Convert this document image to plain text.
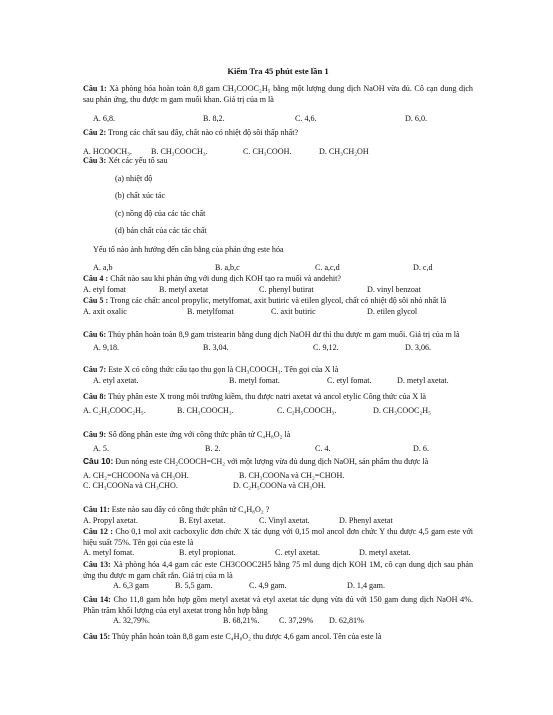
Kiểm Tra 45 phút este lần 1

Câu 1: Xà phòng hóa hoàn toàn 8,8 gam CH₃COOC₂H₅ bằng một lượng dung dịch NaOH vừa đủ. Cô cạn dung dịch sau phản ứng, thu được m gam muối khan. Giá trị của m là

A. 6,8.	B. 8,2.	C. 4,6.	D. 6,0.

Câu 2: Trong các chất sau đây, chất nào có nhiệt độ sôi thấp nhất?

A. HCOOCH₃. B. CH₃COOCH₃.	C. CH₃COOH.	D. CH₃CH₂OH

Câu 3: Xét các yếu tố sau

(a) nhiệt độ

(b) chất xúc tác

(c) nồng độ của các tác chất

(d) bản chất của các tác chất

Yếu tố nào ảnh hưởng đến cân bằng của phản ứng este hóa

A. a,b	B. a,b,c	C. a,c,d	D. c,d

Câu 4 : Chất nào sau khi phản ứng với dung dịch KOH tạo ra muối và andehit?

A. etyl fomat	B. metyl axetat	C. phenyl butirat	D. vinyl benzoat

Câu 5 : Trong các chất: ancol propylic, metylfomat, axit butiric và etilen glycol, chất có nhiệt độ sôi nhỏ nhất là

A. axit oxalic	B. metylfomat	C. axit butiric	D. etilen glycol

Câu 6: Thủy phân hoàn toàn 8,9 gam tristearin bằng dung dịch NaOH dư thì thu được m gam muối. Giá trị của m là

A. 9,18.	B. 3,04.	C. 9,12.	D. 3,06.

Câu 7: Este X có công thức cấu tạo thu gọn là CH₃COOCH₃. Tên gọi của X là

A. etyl axetat.	B. metyl fomat.	C. etyl fomat.	D. metyl axetat.

Câu 8: Thủy phân este X trong môi trường kiềm, thu được natri axetat và ancol etylic Công thức của X là

A. C₂H₃COOC₂H₅.	B. CH₃COOCH₃.	C. C₂H₅COOCH₃.	D. CH₃COOC₂H₅

Câu 9: Số đồng phân este ứng với công thức phân tử C₄H₈O₂ là

A. 5.	B. 2.	C. 4.	D. 6.

Câu 10: Đun nóng este CH₂COOCH=CH₂ với một lượng vừa đủ dung dịch NaOH, sản phẩm thu được là

A. CH₂=CHCOONa và CH₃OH.	B. CH₃COONa và CH₂=CHOH.
C. CH₃COONa và CH₃CHO.	D. C₂H₅COONa và CH₃OH.

Câu 11: Este nào sau đây có công thức phân tử C₄H₈O₂ ?

A. Propyl axetat.	B. Etyl axetat.	C. Vinyl axetat.	D. Phenyl axetat

Câu 12 : Cho 0,1 mol axit cacboxylic đơn chức X tác dụng với 0,15 mol ancol đơn chức Y thu được 4,5 gam este với hiệu suất 75%. Tên gọi của este là

A. metyl fomat.	B. etyl propionat.	C. etyl axetat.	D. metyl axetat.

Câu 13: Xà phòng hóa 4,4 gam các este CH3COOC2H5 bằng 75 ml dung dịch KOH 1M, cô cạn dung dịch sau phản ứng thu được m gam chất rắn. Giá trị của m là

A. 6,3 gam	B. 5,5 gam.	C. 4,9 gam.	D. 1,4 gam.

Câu 14: Cho 11,8 gam hỗn hợp gồm metyl axetat và etyl axetat tác dụng vừa đủ với 150 gam dung dịch NaOH 4%. Phần trăm khối lượng của etyl axetat trong hỗn hợp bằng

A. 32,79%.	B. 68,21%. C. 37,29% D. 62,81%

Câu 15: Thủy phân hoàn toàn 8,8 gam este C₄H₈O₂ thu được 4,6 gam ancol. Tên của este là
